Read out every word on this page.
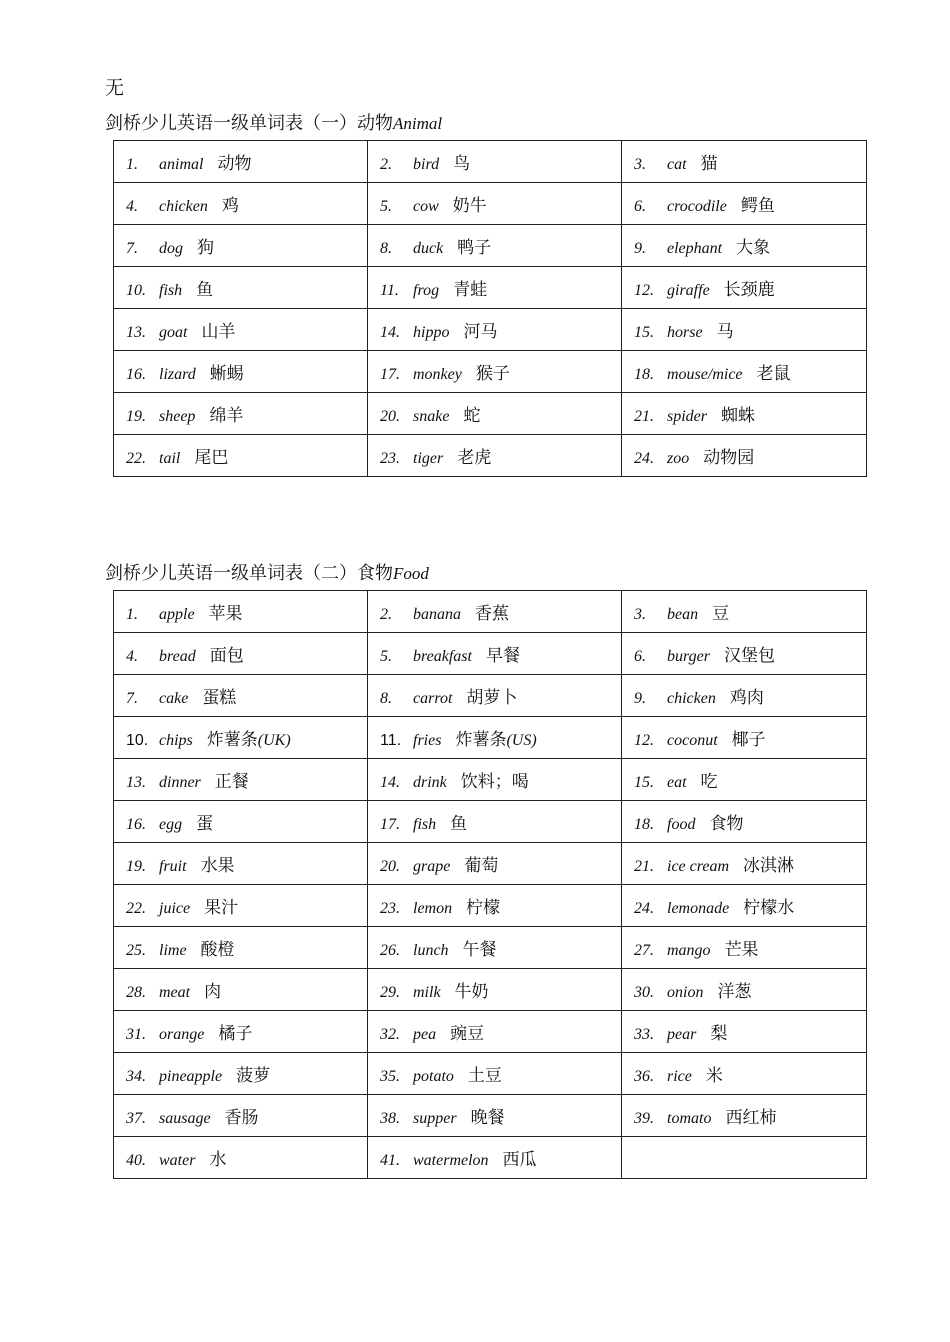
无
剑桥少儿英语一级单词表（一）动物Animal
1. animal 动物	2. bird 鸟	3. cat 猫
4. chicken 鸡	5. cow 奶牛	6. crocodile 鳄鱼
7. dog 狗	8. duck 鸭子	9. elephant 大象
10. fish 鱼	11. frog 青蛙	12. giraffe 长颈鹿
13. goat 山羊	14. hippo 河马	15. horse 马
16. lizard 蜥蜴	17. monkey 猴子	18. mouse/mice 老鼠
19. sheep 绵羊	20. snake 蛇	21. spider 蜘蛛
22. tail 尾巴	23. tiger 老虎	24. zoo 动物园
剑桥少儿英语一级单词表（二）食物Food
1. apple 苹果	2. banana 香蕉	3. bean 豆
4. bread 面包	5. breakfast 早餐	6. burger 汉堡包
7. cake 蛋糕	8. carrot 胡萝卜	9. chicken 鸡肉
10. chips 炸薯条(UK)	11. fries 炸薯条(US)	12. coconut 椰子
13. dinner 正餐	14. drink 饮料；喝	15. eat 吃
16. egg 蛋	17. fish 鱼	18. food 食物
19. fruit 水果	20. grape 葡萄	21. ice cream 冰淇淋
22. juice 果汁	23. lemon 柠檬	24. lemonade 柠檬水
25. lime 酸橙	26. lunch 午餐	27. mango 芒果
28. meat 肉	29. milk 牛奶	30. onion 洋葱
31. orange 橘子	32. pea 豌豆	33. pear 梨
34. pineapple 菠萝	35. potato 土豆	36. rice 米
37. sausage 香肠	38. supper 晚餐	39. tomato 西红柿
40. water 水	41. watermelon 西瓜	
